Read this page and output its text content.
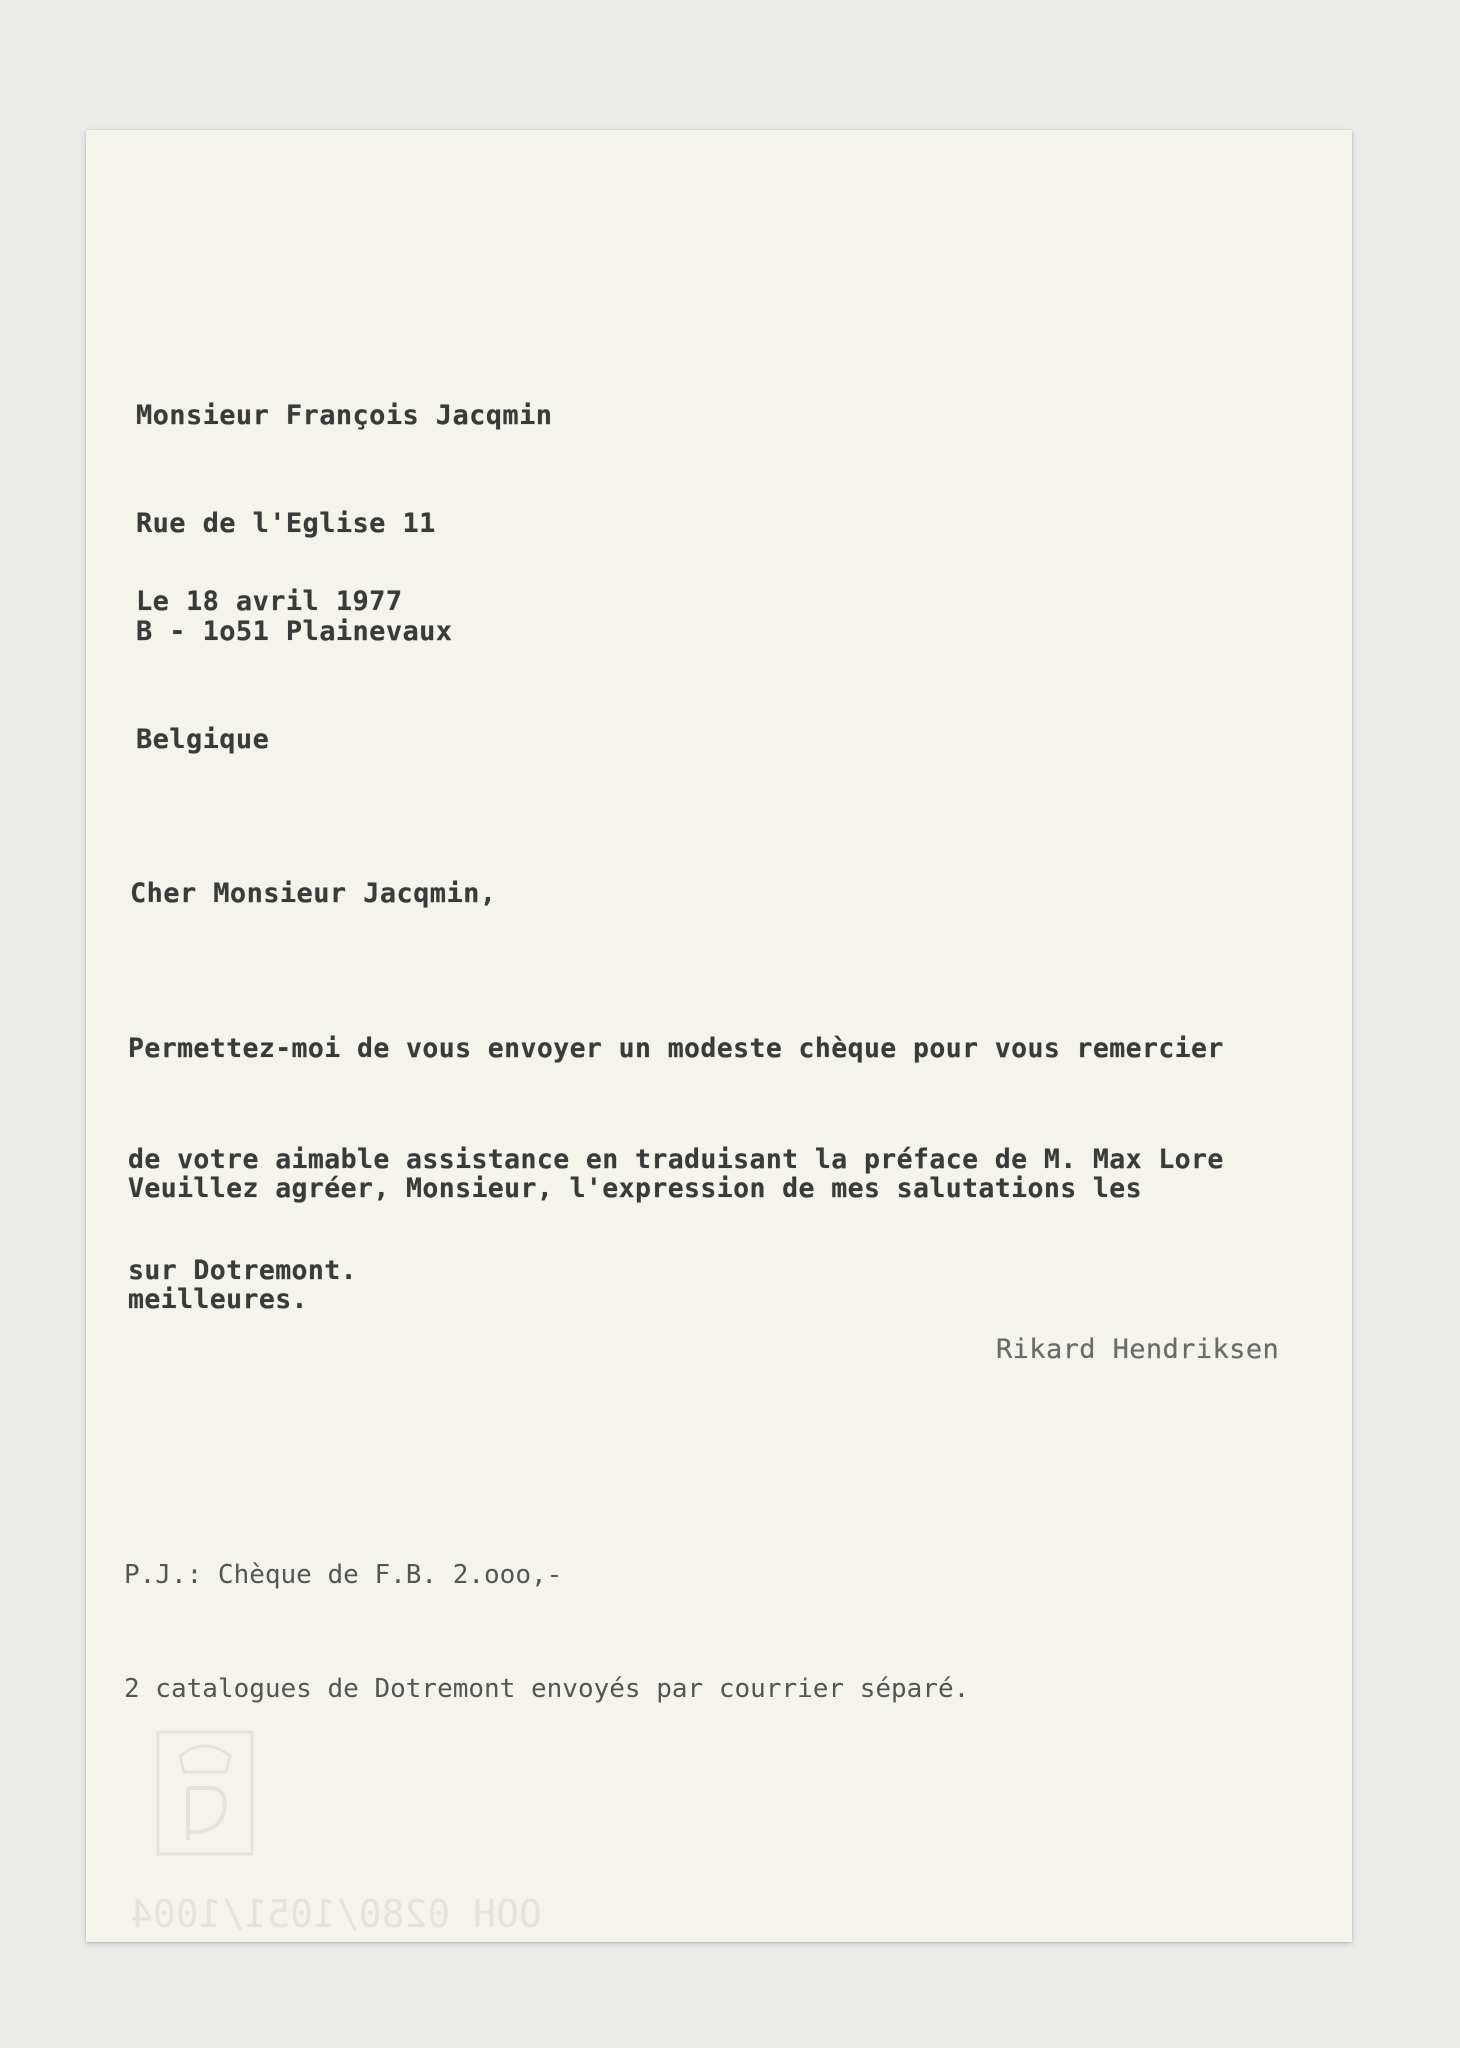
Monsieur François Jacqmin

Rue de l'Eglise 11

B - 1o51 Plainevaux

Belgique

Le 18 avril 1977
Cher Monsieur Jacqmin,

Permettez-moi de vous envoyer un modeste chèque pour vous remercier

de votre aimable assistance en traduisant la préface de M. Max Lore

sur Dotremont.

Veuillez agréer, Monsieur, l'expression de mes salutations les

meilleures.

Rikard Hendriksen

P.J.: Chèque de F.B. 2.ooo,-

2 catalogues de Dotremont envoyés par courrier séparé.

OOH 0280/1051/1004
